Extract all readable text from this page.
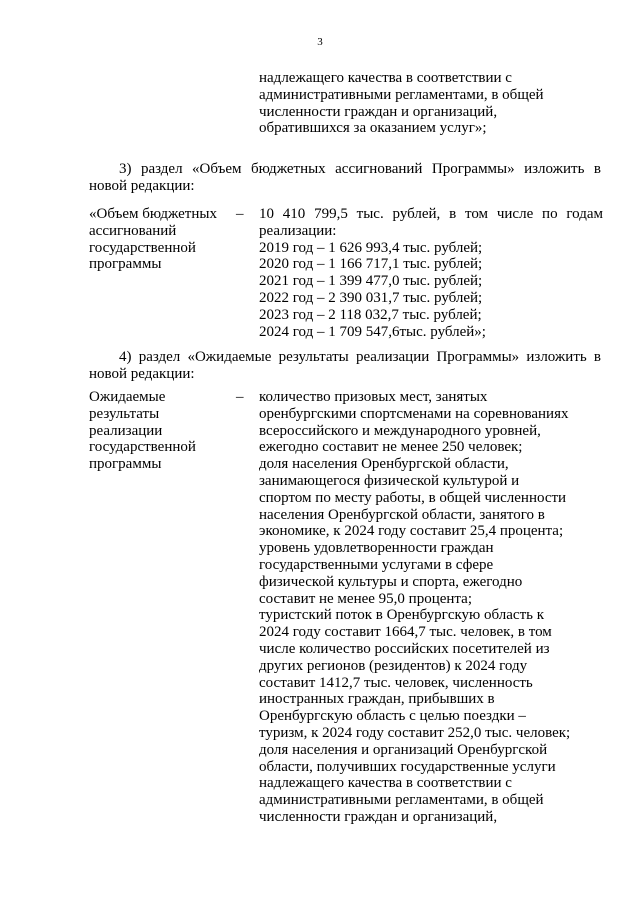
3
надлежащего качества в соответствии с
административными регламентами, в общей
численности граждан и организаций,
обратившихся за оказанием услуг»;
3) раздел «Объем бюджетных ассигнований Программы» изложить в
новой редакции:
«Объем бюджетных
ассигнований
государственной
программы
– 10 410 799,5 тыс. рублей, в том числе по годам
реализации:
2019 год – 1 626 993,4 тыс. рублей;
2020 год – 1 166 717,1 тыс. рублей;
2021 год – 1 399 477,0 тыс. рублей;
2022 год – 2 390 031,7 тыс. рублей;
2023 год – 2 118 032,7 тыс. рублей;
2024 год – 1 709 547,6тыс. рублей»;
4) раздел «Ожидаемые результаты реализации Программы» изложить в
новой редакции:
Ожидаемые
результаты
реализации
государственной
программы
– количество призовых мест, занятых
оренбургскими спортсменами на соревнованиях
всероссийского и международного уровней,
ежегодно составит не менее 250 человек;
доля населения Оренбургской области,
занимающегося физической культурой и
спортом по месту работы, в общей численности
населения Оренбургской области, занятого в
экономике, к 2024 году составит 25,4 процента;
уровень удовлетворенности граждан
государственными услугами в сфере
физической культуры и спорта, ежегодно
составит не менее 95,0 процента;
туристский поток в Оренбургскую область к
2024 году составит 1664,7 тыс. человек, в том
числе количество российских посетителей из
других регионов (резидентов) к 2024 году
составит 1412,7 тыс. человек, численность
иностранных граждан, прибывших в
Оренбургскую область с целью поездки –
туризм, к 2024 году составит 252,0 тыс. человек;
доля населения и организаций Оренбургской
области, получивших государственные услуги
надлежащего качества в соответствии с
административными регламентами, в общей
численности граждан и организаций,
